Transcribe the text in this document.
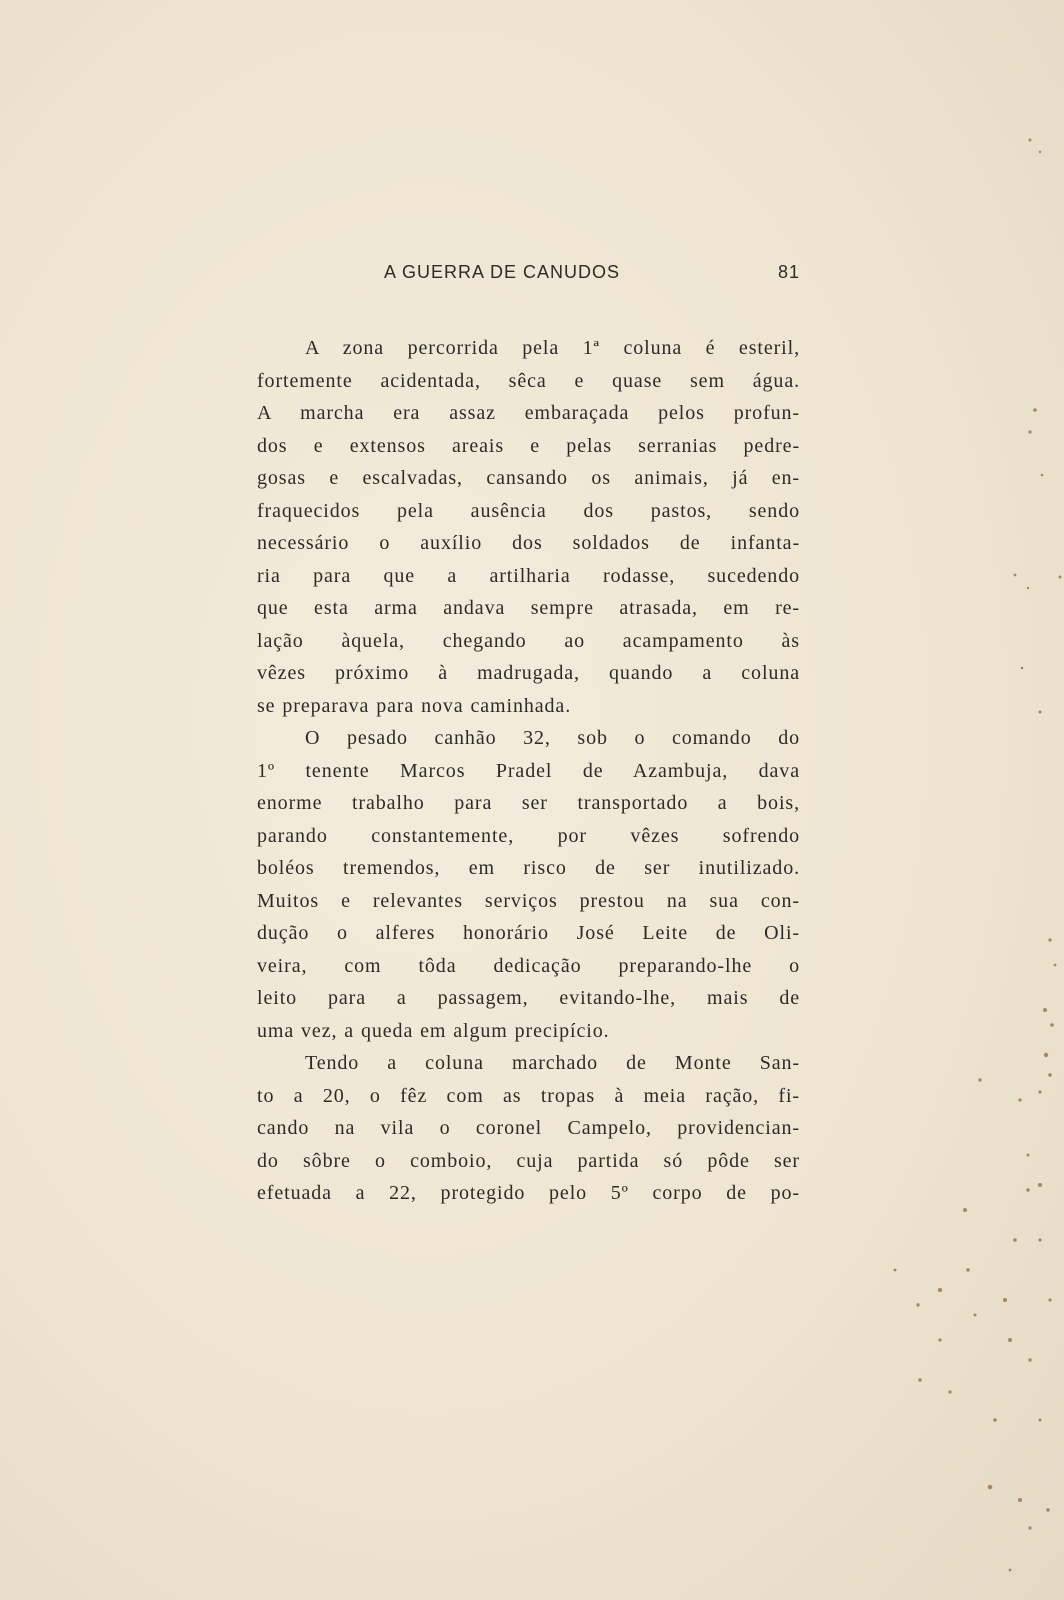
A GUERRA DE CANUDOS	81
A zona percorrida pela 1ª coluna é esteril,
fortemente acidentada, sêca e quase sem água.
A marcha era assaz embaraçada pelos profun-
dos e extensos areais e pelas serranias pedre-
gosas e escalvadas, cansando os animais, já en-
fraquecidos pela ausência dos pastos, sendo
necessário o auxílio dos soldados de infanta-
ria para que a artilharia rodasse, sucedendo
que esta arma andava sempre atrasada, em re-
lação àquela, chegando ao acampamento às
vêzes próximo à madrugada, quando a coluna
se preparava para nova caminhada.
O pesado canhão 32, sob o comando do
1º tenente Marcos Pradel de Azambuja, dava
enorme trabalho para ser transportado a bois,
parando constantemente, por vêzes sofrendo
boléos tremendos, em risco de ser inutilizado.
Muitos e relevantes serviços prestou na sua con-
dução o alferes honorário José Leite de Oli-
veira, com tôda dedicação preparando-lhe o
leito para a passagem, evitando-lhe, mais de
uma vez, a queda em algum precipício.
Tendo a coluna marchado de Monte San-
to a 20, o fêz com as tropas à meia ração, fi-
cando na vila o coronel Campelo, providencian-
do sôbre o comboio, cuja partida só pôde ser
efetuada a 22, protegido pelo 5º corpo de po-
